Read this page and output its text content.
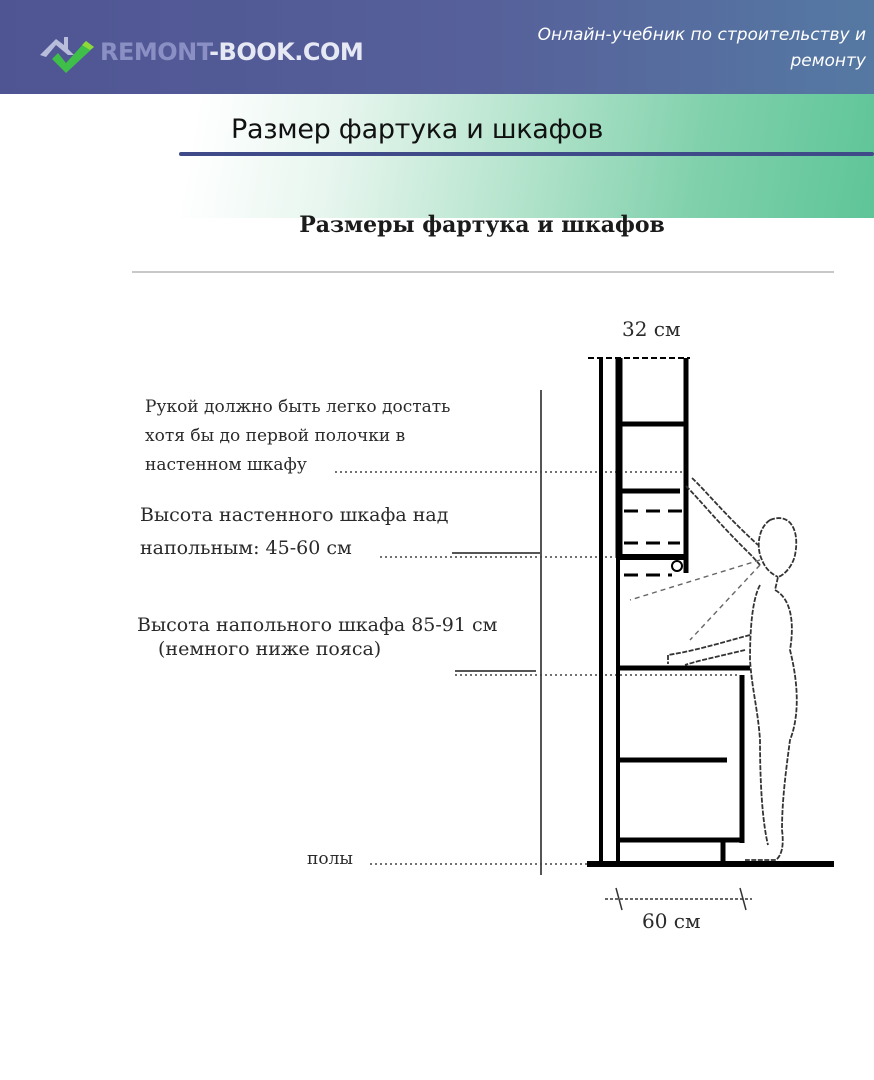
REMONT-BOOK.COM
Онлайн-учебник по строительству и
ремонту
Размер фартука и шкафов
Размеры фартука и шкафов
32 см
60 см
Рукой должно быть легко достать
хотя бы до первой полочки в
настенном шкафу
Высота настенного шкафа над
напольным: 45-60 см
Высота напольного шкафа 85-91 см
(немного ниже пояса)
полы
